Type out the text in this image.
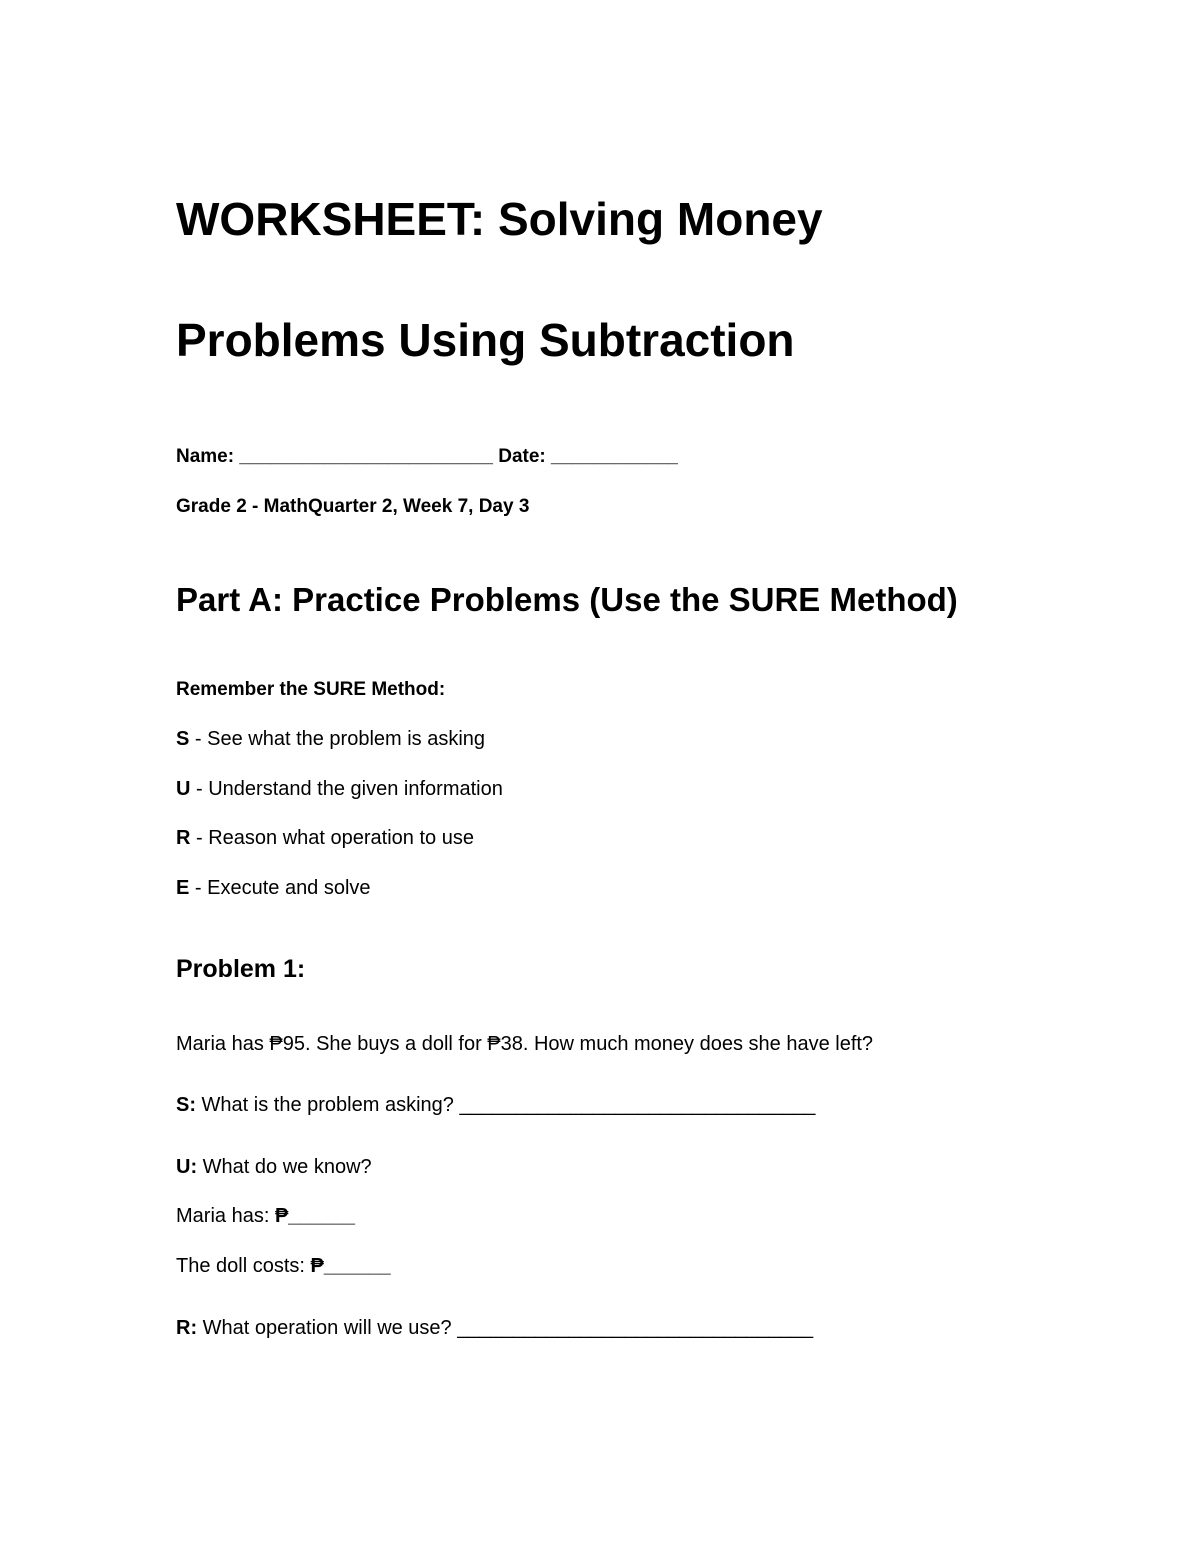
WORKSHEET: Solving Money
Problems Using Subtraction
Name: ________________________ Date: ____________
Grade 2 - MathQuarter 2, Week 7, Day 3
Part A: Practice Problems (Use the SURE Method)
Remember the SURE Method:
S - See what the problem is asking
U - Understand the given information
R - Reason what operation to use
E - Execute and solve
Problem 1:
Maria has ₱95. She buys a doll for ₱38. How much money does she have left?
S: What is the problem asking? ________________________________
U: What do we know?
Maria has: ₱______
The doll costs: ₱______
R: What operation will we use? ________________________________
